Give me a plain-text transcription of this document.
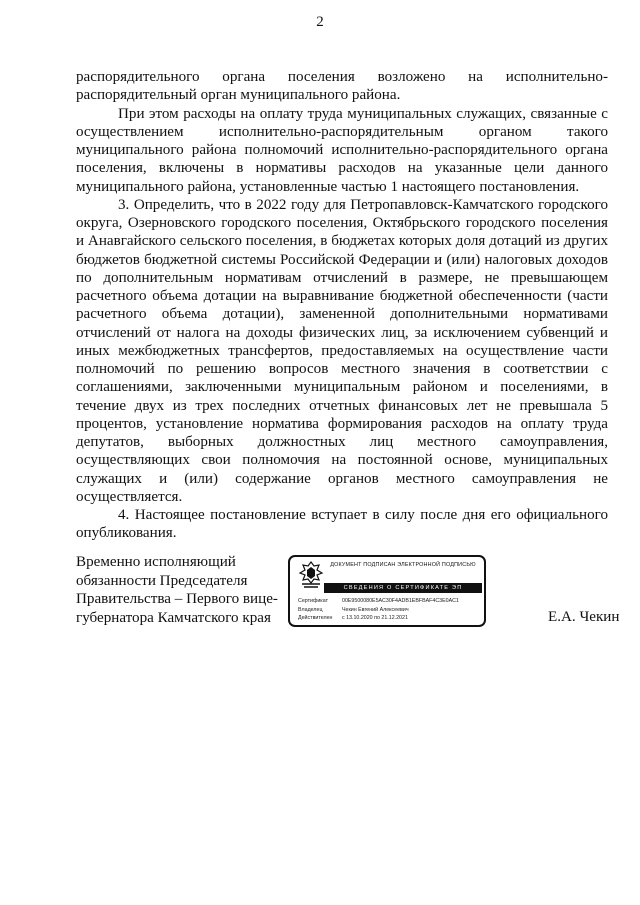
2

распорядительного органа поселения возложено на исполнительно-распорядительный орган муниципального района.

При этом расходы на оплату труда муниципальных служащих, связанные с осуществлением исполнительно-распорядительным органом такого муниципального района полномочий исполнительно-распорядительного органа поселения, включены в нормативы расходов на указанные цели данного муниципального района, установленные частью 1 настоящего постановления.

3. Определить, что в 2022 году для Петропавловск-Камчатского городского округа, Озерновского городского поселения, Октябрьского городского поселения и Анавгайского сельского поселения, в бюджетах которых доля дотаций из других бюджетов бюджетной системы Российской Федерации и (или) налоговых доходов по дополнительным нормативам отчислений в размере, не превышающем расчетного объема дотации на выравнивание бюджетной обеспеченности (части расчетного объема дотации), замененной дополнительными нормативами отчислений от налога на доходы физических лиц, за исключением субвенций и иных межбюджетных трансфертов, предоставляемых на осуществление части полномочий по решению вопросов местного значения в соответствии с соглашениями, заключенными муниципальным районом и поселениями, в течение двух из трех последних отчетных финансовых лет не превышала 5 процентов, установление норматива формирования расходов на оплату труда депутатов, выборных должностных лиц местного самоуправления, осуществляющих свои полномочия на постоянной основе, муниципальных служащих и (или) содержание органов местного самоуправления не осуществляется.

4. Настоящее постановление вступает в силу после дня его официального опубликования.

Временно исполняющий обязанности Председателя Правительства – Первого вице-губернатора Камчатского края
ДОКУМЕНТ ПОДПИСАН ЭЛЕКТРОННОЙ ПОДПИСЬЮ
СВЕДЕНИЯ О СЕРТИФИКАТЕ ЭП
Сертификат	00E9500080E5AC30F4ADB1EBFBAF4C3E0AC1
Владелец	Чекин Евгений Алексеевич
Действителен	с 13.10.2020 по 21.12.2021	Е.А. Чекин
